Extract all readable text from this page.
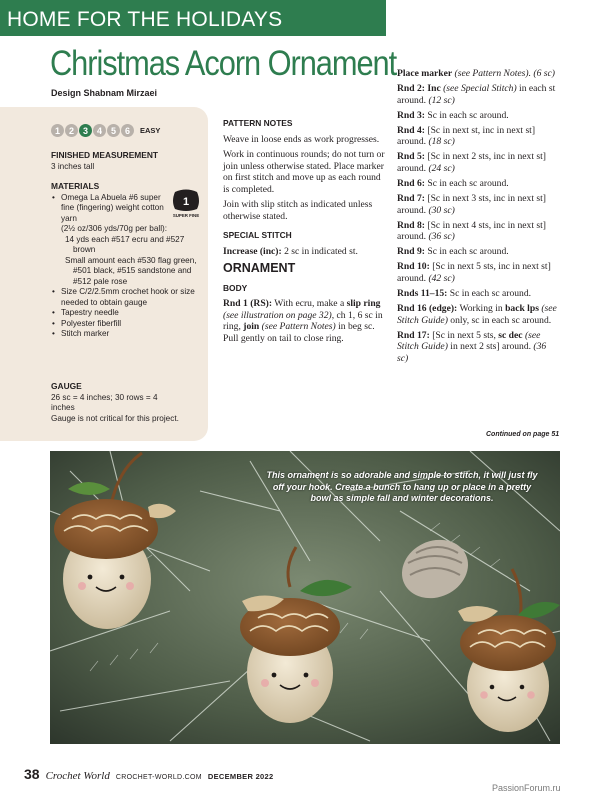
HOME FOR THE HOLIDAYS
Christmas Acorn Ornament
Design Shabnam Mirzaei
1 2 3 4 5 6	EASY
FINISHED MEASUREMENT
3 inches tall
MATERIALS
• Omega La Abuela #6 super fine (fingering) weight cotton yarn
(2½ oz/306 yds/70g per ball):
14 yds each #517 ecru and #527 brown
Small amount each #530 flag green, #501 black, #515 sandstone and #512 pale rose
• Size C/2/2.5mm crochet hook or size needed to obtain gauge
• Tapestry needle
• Polyester fiberfill
• Stitch marker
1
SUPER FINE
GAUGE
26 sc = 4 inches; 30 rows = 4 inches
Gauge is not critical for this project.
PATTERN NOTES
Weave in loose ends as work progresses.
Work in continuous rounds; do not turn or join unless otherwise stated. Place marker on first stitch and move up as each round is completed.
Join with slip stitch as indicated unless otherwise stated.
SPECIAL STITCH
Increase (inc): 2 sc in indicated st.
ORNAMENT
BODY
Rnd 1 (RS): With ecru, make a slip ring (see illustration on page 32), ch 1, 6 sc in ring, join (see Pattern Notes) in beg sc. Pull gently on tail to close ring.
Place marker (see Pattern Notes). (6 sc)
Rnd 2: Inc (see Special Stitch) in each st around. (12 sc)
Rnd 3: Sc in each sc around.
Rnd 4: [Sc in next st, inc in next st] around. (18 sc)
Rnd 5: [Sc in next 2 sts, inc in next st] around. (24 sc)
Rnd 6: Sc in each sc around.
Rnd 7: [Sc in next 3 sts, inc in next st] around. (30 sc)
Rnd 8: [Sc in next 4 sts, inc in next st] around. (36 sc)
Rnd 9: Sc in each sc around.
Rnd 10: [Sc in next 5 sts, inc in next st] around. (42 sc)
Rnds 11–15: Sc in each sc around.
Rnd 16 (edge): Working in back lps (see Stitch Guide) only, sc in each sc around.
Rnd 17: [Sc in next 5 sts, sc dec (see Stitch Guide) in next 2 sts] around. (36 sc)
Continued on page 51
This ornament is so adorable and simple to stitch, it will just fly off your hook. Create a bunch to hang up or place in a pretty bowl as simple fall and winter decorations.
38 Crochet World CROCHET-WORLD.COM DECEMBER 2022
PassionForum.ru
